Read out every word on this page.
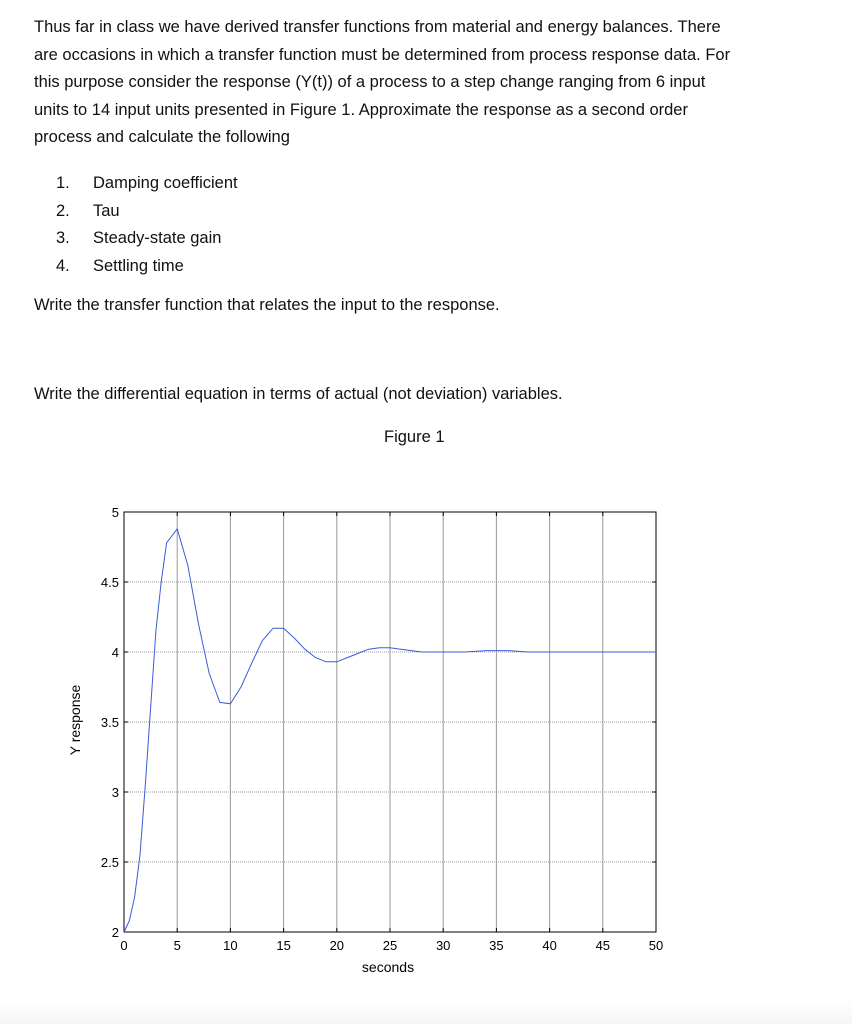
Thus far in class we have derived transfer functions from material and energy balances. There
are occasions in which a transfer function must be determined from process response data. For
this purpose consider the response (Y(t)) of a process to a step change ranging from 6 input
units to 14 input units presented in Figure 1. Approximate the response as a second order
process and calculate the following
1. Damping coefficient
2. Tau
3. Steady-state gain
4. Settling time
Write the transfer function that relates the input to the response.
Write the differential equation in terms of actual (not deviation) variables.
Figure 1
0	5	10	15	20	25	30	35	40	45	50
2
2.5
3
3.5
4
4.5
5
seconds
Y response
